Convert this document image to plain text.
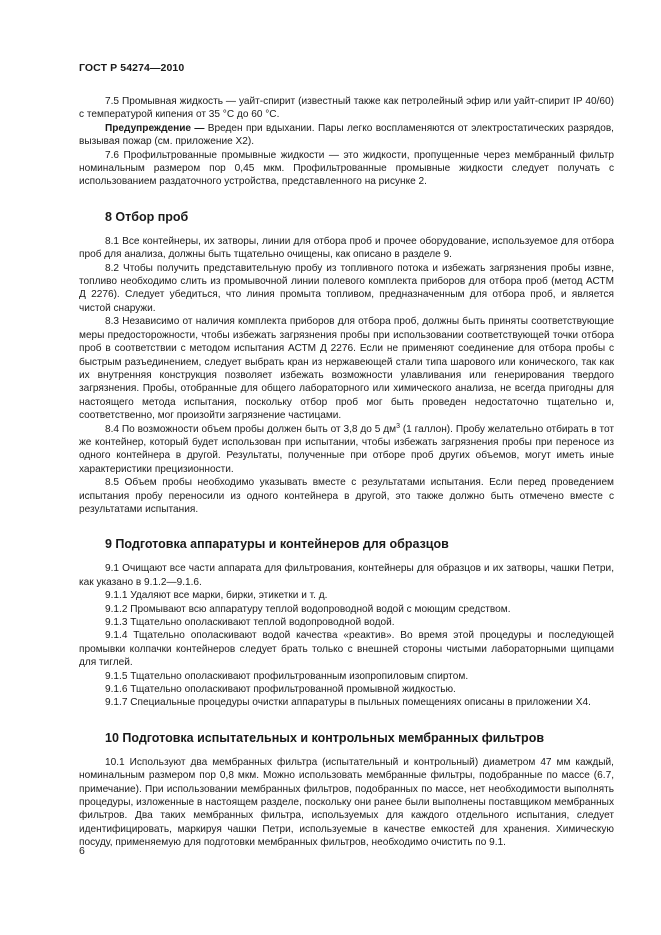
ГОСТ Р 54274—2010

7.5 Промывная жидкость — уайт-спирит (известный также как петролейный эфир или уайт-спирит IP 40/60) с температурой кипения от 35 °C до 60 °C.

Предупреждение — Вреден при вдыхании. Пары легко воспламеняются от электростатических разрядов, вызывая пожар (см. приложение X2).

7.6 Профильтрованные промывные жидкости — это жидкости, пропущенные через мембранный фильтр номинальным размером пор 0,45 мкм. Профильтрованные промывные жидкости следует получать с использованием раздаточного устройства, представленного на рисунке 2.

8 Отбор проб

8.1 Все контейнеры, их затворы, линии для отбора проб и прочее оборудование, используемое для отбора проб для анализа, должны быть тщательно очищены, как описано в разделе 9.

8.2 Чтобы получить представительную пробу из топливного потока и избежать загрязнения пробы извне, топливо необходимо слить из промывочной линии полевого комплекта приборов для отбора проб (метод АСТМ Д 2276). Следует убедиться, что линия промыта топливом, предназначенным для отбора проб, и является чистой снаружи.

8.3 Независимо от наличия комплекта приборов для отбора проб, должны быть приняты соответствующие меры предосторожности, чтобы избежать загрязнения пробы при использовании соответствующей точки отбора проб в соответствии с методом испытания АСТМ Д 2276. Если не применяют соединение для отбора пробы с быстрым разъединением, следует выбрать кран из нержавеющей стали типа шарового или конического, так как их внутренняя конструкция позволяет избежать возможности улавливания или генерирования твердого загрязнения. Пробы, отобранные для общего лабораторного или химического анализа, не всегда пригодны для настоящего метода испытания, поскольку отбор проб мог быть проведен недостаточно тщательно и, соответственно, мог произойти загрязнение частицами.

8.4 По возможности объем пробы должен быть от 3,8 до 5 $дм^3$ (1 галлон). Пробу желательно отбирать в тот же контейнер, который будет использован при испытании, чтобы избежать загрязнения пробы при переносе из одного контейнера в другой. Результаты, полученные при отборе проб других объемов, могут иметь иные характеристики прецизионности.

8.5 Объем пробы необходимо указывать вместе с результатами испытания. Если перед проведением испытания пробу переносили из одного контейнера в другой, это также должно быть отмечено вместе с результатами испытания.

9 Подготовка аппаратуры и контейнеров для образцов

9.1 Очищают все части аппарата для фильтрования, контейнеры для образцов и их затворы, чашки Петри, как указано в 9.1.2—9.1.6.

9.1.1 Удаляют все марки, бирки, этикетки и т. д.

9.1.2 Промывают всю аппаратуру теплой водопроводной водой с моющим средством.

9.1.3 Тщательно ополаскивают теплой водопроводной водой.

9.1.4 Тщательно ополаскивают водой качества «реактив». Во время этой процедуры и последующей промывки колпачки контейнеров следует брать только с внешней стороны чистыми лабораторными щипцами для тиглей.

9.1.5 Тщательно ополаскивают профильтрованным изопропиловым спиртом.

9.1.6 Тщательно ополаскивают профильтрованной промывной жидкостью.

9.1.7 Специальные процедуры очистки аппаратуры в пыльных помещениях описаны в приложении X4.

10 Подготовка испытательных и контрольных мембранных фильтров

10.1 Используют два мембранных фильтра (испытательный и контрольный) диаметром 47 мм каждый, номинальным размером пор 0,8 мкм. Можно использовать мембранные фильтры, подобранные по массе (6.7, примечание). При использовании мембранных фильтров, подобранных по массе, нет необходимости выполнять процедуры, изложенные в настоящем разделе, поскольку они ранее были выполнены поставщиком мембранных фильтров. Два таких мембранных фильтра, используемых для каждого отдельного испытания, следует идентифицировать, маркируя чашки Петри, используемые в качестве емкостей для хранения. Химическую посуду, применяемую для подготовки мембранных фильтров, необходимо очистить по 9.1.

6
